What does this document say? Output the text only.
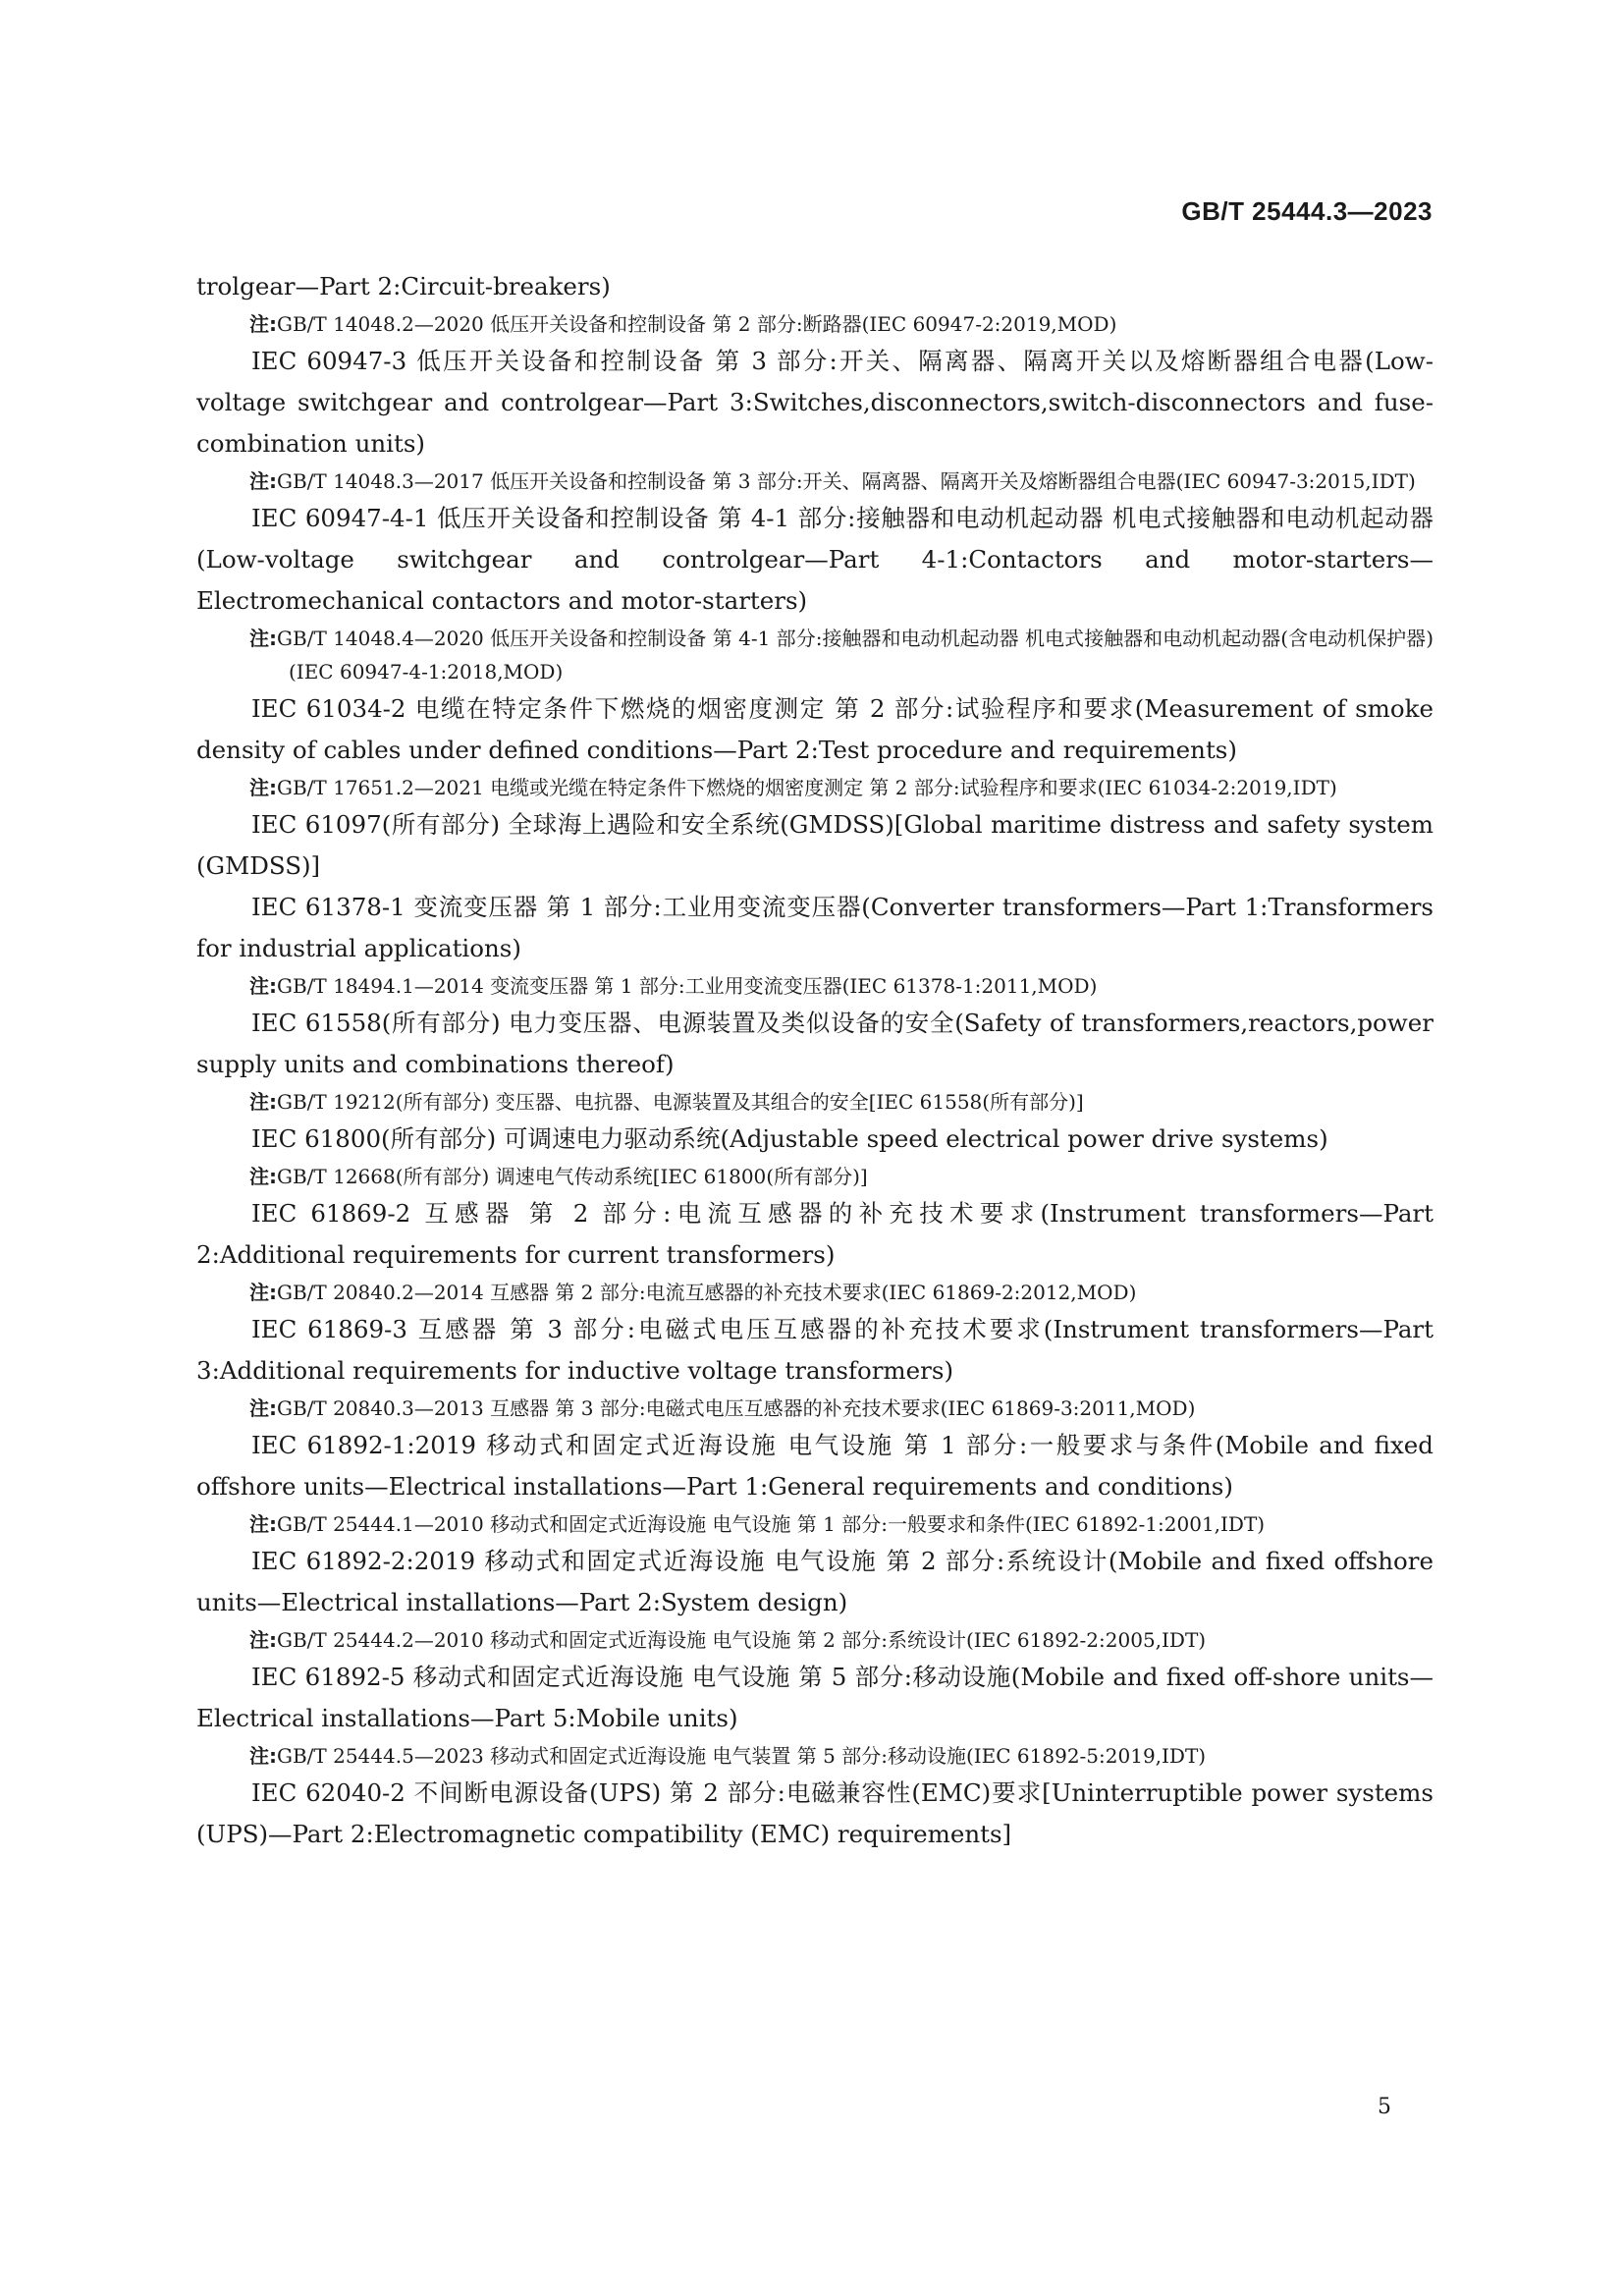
GB/T 25444.3—2023
trolgear—Part 2:Circuit-breakers)
注:GB/T 14048.2—2020 低压开关设备和控制设备 第 2 部分:断路器(IEC 60947-2:2019,MOD)
IEC 60947-3 低压开关设备和控制设备 第 3 部分:开关、隔离器、隔离开关以及熔断器组合电器(Low-voltage switchgear and controlgear—Part 3:Switches,disconnectors,switch-disconnectors and fuse-combination units)
注:GB/T 14048.3—2017 低压开关设备和控制设备 第 3 部分:开关、隔离器、隔离开关及熔断器组合电器(IEC 60947-3:2015,IDT)
IEC 60947-4-1 低压开关设备和控制设备 第 4-1 部分:接触器和电动机起动器 机电式接触器和电动机起动器(Low-voltage switchgear and controlgear—Part 4-1:Contactors and motor-starters—Electromechanical contactors and motor-starters)
注:GB/T 14048.4—2020 低压开关设备和控制设备 第 4-1 部分:接触器和电动机起动器 机电式接触器和电动机起动器(含电动机保护器)(IEC 60947-4-1:2018,MOD)
IEC 61034-2 电缆在特定条件下燃烧的烟密度测定 第 2 部分:试验程序和要求(Measurement of smoke density of cables under defined conditions—Part 2:Test procedure and requirements)
注:GB/T 17651.2—2021 电缆或光缆在特定条件下燃烧的烟密度测定 第 2 部分:试验程序和要求(IEC 61034-2:2019,IDT)
IEC 61097(所有部分) 全球海上遇险和安全系统(GMDSS)[Global maritime distress and safety system (GMDSS)]
IEC 61378-1 变流变压器 第 1 部分:工业用变流变压器(Converter transformers—Part 1:Transformers for industrial applications)
注:GB/T 18494.1—2014 变流变压器 第 1 部分:工业用变流变压器(IEC 61378-1:2011,MOD)
IEC 61558(所有部分) 电力变压器、电源装置及类似设备的安全(Safety of transformers,reactors,power supply units and combinations thereof)
注:GB/T 19212(所有部分) 变压器、电抗器、电源装置及其组合的安全[IEC 61558(所有部分)]
IEC 61800(所有部分) 可调速电力驱动系统(Adjustable speed electrical power drive systems)
注:GB/T 12668(所有部分) 调速电气传动系统[IEC 61800(所有部分)]
IEC 61869-2 互感器 第 2 部分:电流互感器的补充技术要求(Instrument transformers—Part 2:Additional requirements for current transformers)
注:GB/T 20840.2—2014 互感器 第 2 部分:电流互感器的补充技术要求(IEC 61869-2:2012,MOD)
IEC 61869-3 互感器 第 3 部分:电磁式电压互感器的补充技术要求(Instrument transformers—Part 3:Additional requirements for inductive voltage transformers)
注:GB/T 20840.3—2013 互感器 第 3 部分:电磁式电压互感器的补充技术要求(IEC 61869-3:2011,MOD)
IEC 61892-1:2019 移动式和固定式近海设施 电气设施 第 1 部分:一般要求与条件(Mobile and fixed offshore units—Electrical installations—Part 1:General requirements and conditions)
注:GB/T 25444.1—2010 移动式和固定式近海设施 电气设施 第 1 部分:一般要求和条件(IEC 61892-1:2001,IDT)
IEC 61892-2:2019 移动式和固定式近海设施 电气设施 第 2 部分:系统设计(Mobile and fixed offshore units—Electrical installations—Part 2:System design)
注:GB/T 25444.2—2010 移动式和固定式近海设施 电气设施 第 2 部分:系统设计(IEC 61892-2:2005,IDT)
IEC 61892-5 移动式和固定式近海设施 电气设施 第 5 部分:移动设施(Mobile and fixed off-shore units—Electrical installations—Part 5:Mobile units)
注:GB/T 25444.5—2023 移动式和固定式近海设施 电气装置 第 5 部分:移动设施(IEC 61892-5:2019,IDT)
IEC 62040-2 不间断电源设备(UPS) 第 2 部分:电磁兼容性(EMC)要求[Uninterruptible power systems (UPS)—Part 2:Electromagnetic compatibility (EMC) requirements]
5
